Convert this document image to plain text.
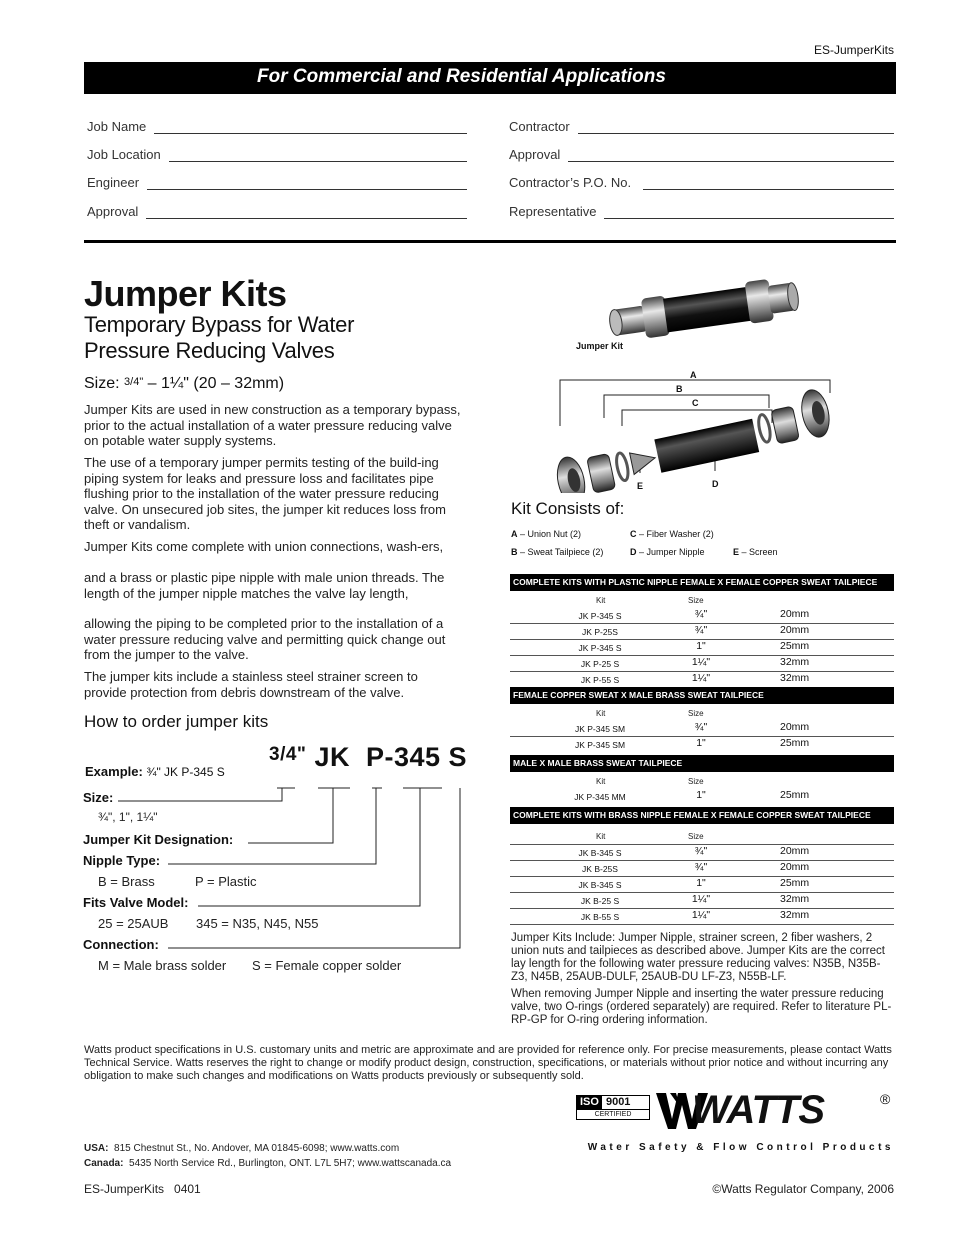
ES-JumperKits
For Commercial and Residential Applications
Job Name
Job Location
Engineer
Approval
Contractor
Approval
Contractor’s P.O. No.
Representative
Jumper Kits
Temporary Bypass for Water
Pressure Reducing Valves
Size: 3/4" – 1¼" (20 – 32mm)
Jumper Kits are used in new construction as a temporary bypass, prior to the actual installation of a water pressure reducing valve on potable water supply systems.
The use of a temporary jumper permits testing of the build-ing piping system for leaks and pressure loss and facilitates pipe flushing prior to the installation of the water pressure reducing valve. On unsecured job sites, the jumper kit reduces loss from theft or vandalism.
Jumper Kits come complete with union connections, wash-ers,
and a brass or plastic pipe nipple with male union threads. The length of the jumper nipple matches the valve lay length,
allowing the piping to be completed prior to the installation of a water pressure reducing valve and permitting quick change out from the jumper to the valve.
The jumper kits include a stainless steel strainer screen to provide protection from debris downstream of the valve.
How to order jumper kits
$^{3/4"}$ JK P-345 S
Example: ¾" JK P-345 S
Size:
¾", 1", 1¼"
Jumper Kit Designation:
Nipple Type:
B = Brass	P = Plastic
Fits Valve Model:
25 = 25AUB 345 = N35, N45, N55
Connection:
M = Male brass solder S = Female copper solder
Jumper Kit
A
B
C
D
E
Kit Consists of:
A – Union Nut (2)	C – Fiber Washer (2)
B – Sweat Tailpiece (2)	D – Jumper Nipple	E – Screen
COMPLETE KITS WITH PLASTIC NIPPLE FEMALE X FEMALE COPPER SWEAT TAILPIECE
Kit	Size
JK P-345 S	¾"	20mm
JK P-25S	¾"	20mm
JK P-345 S	1"	25mm
JK P-25 S	1¼"	32mm
JK P-55 S	1¼"	32mm
FEMALE COPPER SWEAT X MALE BRASS SWEAT TAILPIECE
Kit	Size
JK P-345 SM	¾"	20mm
JK P-345 SM	1"	25mm
MALE X MALE BRASS SWEAT TAILPIECE
Kit	Size
JK P-345 MM	1"	25mm
COMPLETE KITS WITH BRASS NIPPLE FEMALE X FEMALE COPPER SWEAT TAILPIECE
Kit	Size
JK B-345 S	¾"	20mm
JK B-25S	¾"	20mm
JK B-345 S	1"	25mm
JK B-25 S	1¼"	32mm
JK B-55 S	1¼"	32mm
Jumper Kits Include: Jumper Nipple, strainer screen, 2 fiber washers, 2 union nuts and tailpieces as described above. Jumper Kits are the correct lay length for the following water pressure reducing valves: N35B, N35B-Z3, N45B, 25AUB-DULF, 25AUB-DU LF-Z3, N55B-LF.
When removing Jumper Nipple and inserting the water pressure reducing valve, two O-rings (ordered separately) are required. Refer to literature PL-RP-GP for O-ring ordering information.
Watts product specifications in U.S. customary units and metric are approximate and are provided for reference only. For precise measurements, please contact Watts Technical Service. Watts reserves the right to change or modify product design, construction, specifications, or materials without prior notice and without incurring any obligation to make such changes and modifications on Watts products previously or subsequently sold.
ISO 9001
CERTIFIED	WATTS	®
Water Safety & Flow Control Products
USA: 815 Chestnut St., No. Andover, MA 01845-6098; www.watts.com
Canada: 5435 North Service Rd., Burlington, ONT. L7L 5H7; www.wattscanada.ca
ES-JumperKits   0401	©Watts Regulator Company, 2006
